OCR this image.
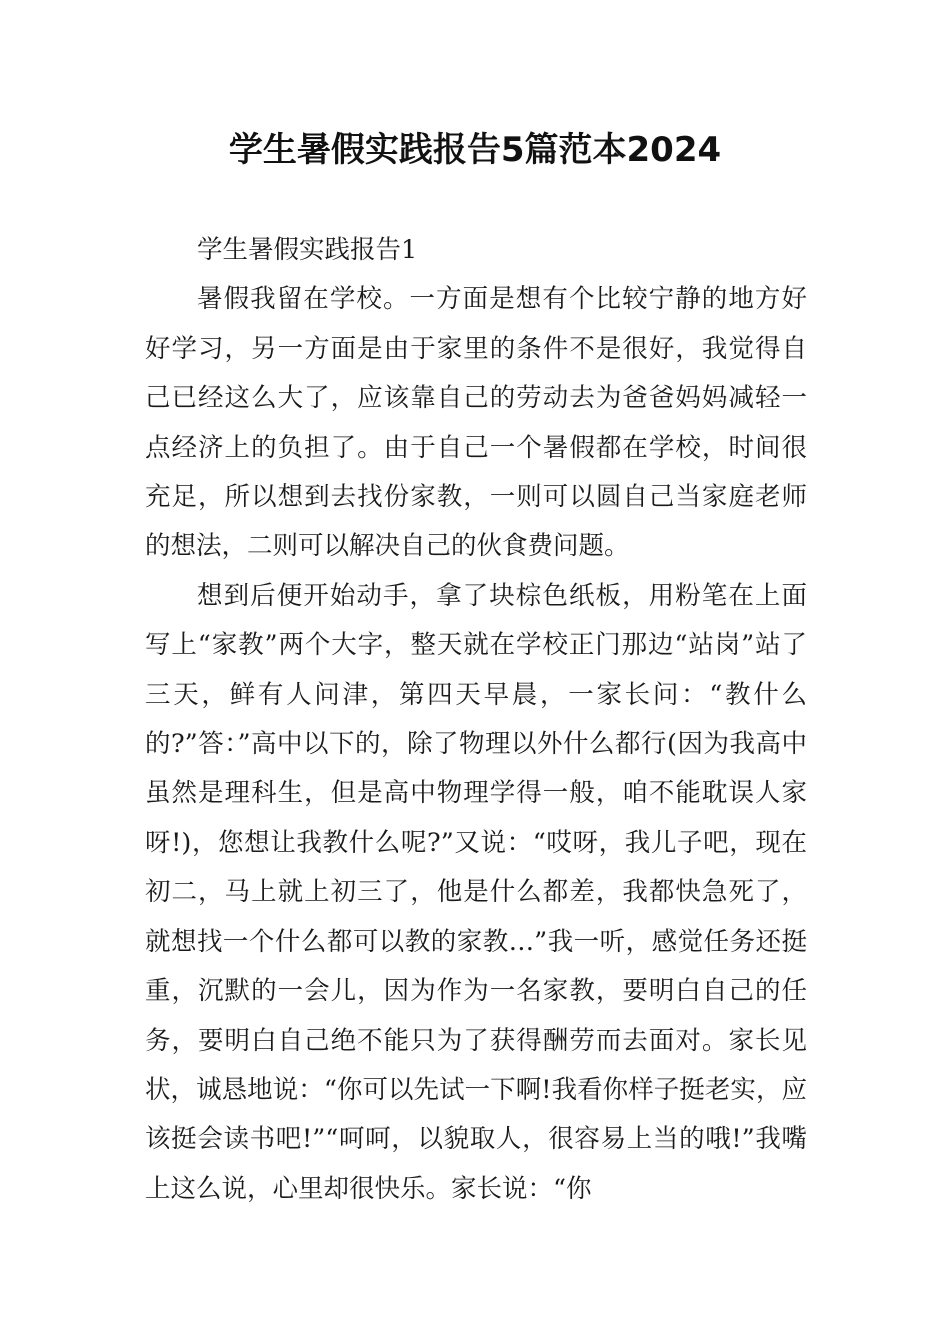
学生暑假实践报告5篇范本2024

学生暑假实践报告1

暑假我留在学校。一方面是想有个比较宁静的地方好好学习，另一方面是由于家里的条件不是很好，我觉得自己已经这么大了，应该靠自己的劳动去为爸爸妈妈减轻一点经济上的负担了。由于自己一个暑假都在学校，时间很充足，所以想到去找份家教，一则可以圆自己当家庭老师的想法，二则可以解决自己的伙食费问题。

想到后便开始动手，拿了块棕色纸板，用粉笔在上面写上“家教”两个大字，整天就在学校正门那边“站岗”站了三天，鲜有人问津，第四天早晨，一家长问：“教什么的?”答：”高中以下的，除了物理以外什么都行(因为我高中虽然是理科生，但是高中物理学得一般，咱不能耽误人家呀!)，您想让我教什么呢?”又说：“哎呀，我儿子吧，现在初二，马上就上初三了，他是什么都差，我都快急死了，就想找一个什么都可以教的家教…”我一听，感觉任务还挺重，沉默的一会儿，因为作为一名家教，要明白自己的任务，要明白自己绝不能只为了获得酬劳而去面对。家长见状，诚恳地说：“你可以先试一下啊!我看你样子挺老实，应该挺会读书吧!”“呵呵，以貌取人，很容易上当的哦!”我嘴上这么说，心里却很快乐。家长说：“你
